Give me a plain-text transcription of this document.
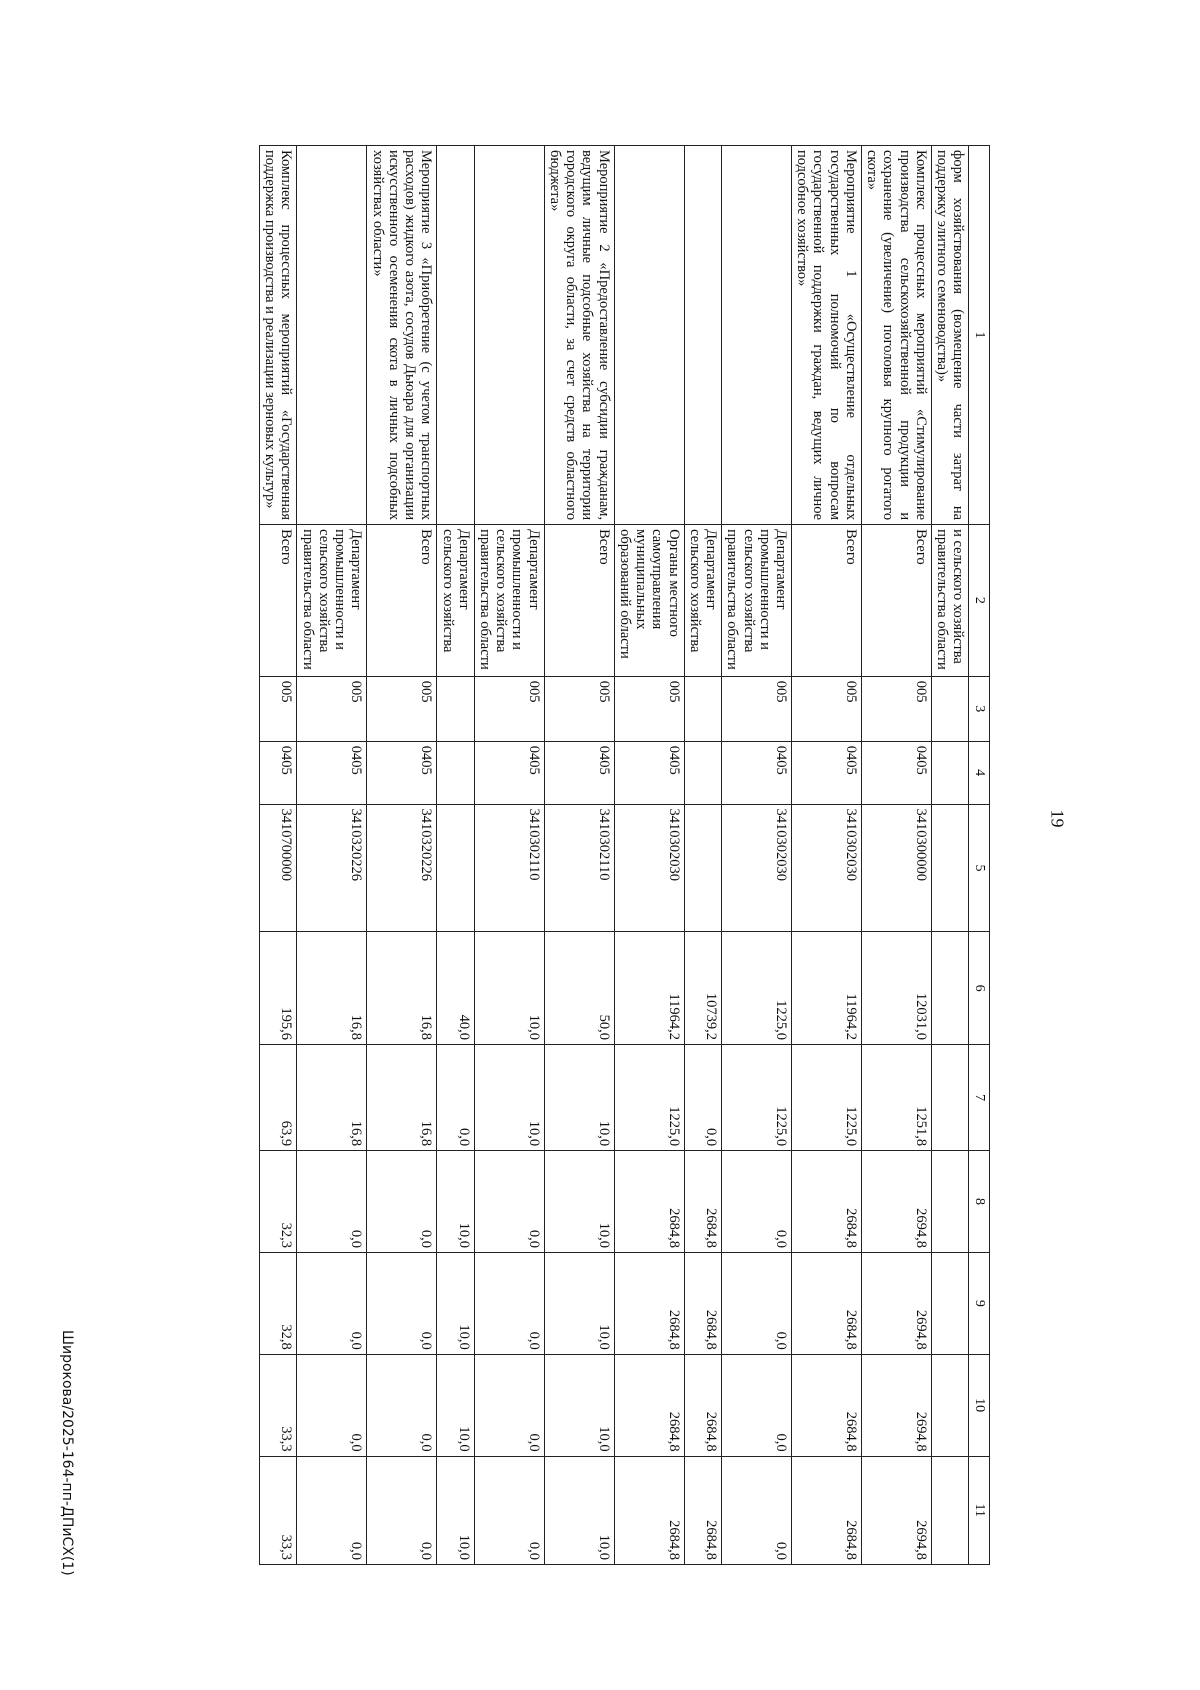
19
Широкова/2025-164-пп-ДПиСХ(1)
1	2	3	4	5	6	7	8	9	10	11
форм хозяйствования (возмещение части затрат на поддержку элитного семеноводства)»	и сельского хозяйства правительства области									
Комплекс процессных мероприятий «Стимулирование производства сельскохозяйственной продукции и сохранение (увеличение) поголовья крупного рогатого скота»	Всего	005	0405	3410300000	12031,0	1251,8	2694,8	2694,8	2694,8	2694,8
Мероприятие 1 «Осуществление отдельных государственных полномочий по вопросам государственной поддержки граждан, ведущих личное подсобное хозяйство»	Всего	005	0405	3410302030	11964,2	1225,0	2684,8	2684,8	2684,8	2684,8
	Департамент промышленности и сельского хозяйства правительства области	005	0405	3410302030	1225,0	1225,0	0,0	0,0	0,0	0,0
	Департамент сельского хозяйства				10739,2	0,0	2684,8	2684,8	2684,8	2684,8
	Органы местного самоуправления муниципальных образований области	005	0405	3410302030	11964,2	1225,0	2684,8	2684,8	2684,8	2684,8
Мероприятие 2 «Предоставление субсидии гражданам, ведущим личные подсобные хозяйства на территории городского округа области, за счет средств областного бюджета»	Всего	005	0405	3410302110	50,0	10,0	10,0	10,0	10,0	10,0
	Департамент промышленности и сельского хозяйства правительства области	005	0405	3410302110	10,0	10,0	0,0	0,0	0,0	0,0
	Департамент сельского хозяйства				40,0	0,0	10,0	10,0	10,0	10,0
Мероприятие 3 «Приобретение (с учетом транспортных расходов) жидкого азота, сосудов Дьюара для организации искусственного осеменения скота в личных подсобных хозяйствах области»	Всего	005	0405	3410320226	16,8	16,8	0,0	0,0	0,0	0,0
	Департамент промышленности и сельского хозяйства правительства области	005	0405	3410320226	16,8	16,8	0,0	0,0	0,0	0,0
Комплекс процессных мероприятий «Государственная поддержка производства и реализации зерновых культур»	Всего	005	0405	3410700000	195,6	63,9	32,3	32,8	33,3	33,3
